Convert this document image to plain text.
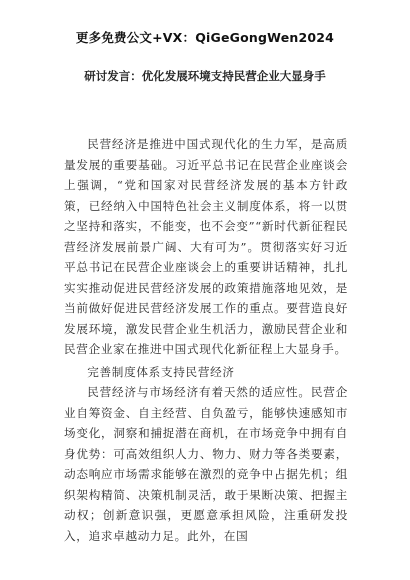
更多免费公文+VX：QiGeGongWen2024
研讨发言：优化发展环境支持民营企业大显身手

民营经济是推进中国式现代化的生力军，是高质量发展的重要基础。习近平总书记在民营企业座谈会上强调，“党和国家对民营经济发展的基本方针政策，已经纳入中国特色社会主义制度体系，将一以贯之坚持和落实，不能变，也不会变”“新时代新征程民营经济发展前景广阔、大有可为”。贯彻落实好习近平总书记在民营企业座谈会上的重要讲话精神，扎扎实实推动促进民营经济发展的政策措施落地见效，是当前做好促进民营经济发展工作的重点。要营造良好发展环境，激发民营企业生机活力，激励民营企业和民营企业家在推进中国式现代化新征程上大显身手。

完善制度体系支持民营经济

民营经济与市场经济有着天然的适应性。民营企业自筹资金、自主经营、自负盈亏，能够快速感知市场变化，洞察和捕捉潜在商机，在市场竞争中拥有自身优势：可高效组织人力、物力、财力等各类要素，动态响应市场需求能够在激烈的竞争中占据先机；组织架构精简、决策机制灵活，敢于果断决策、把握主动权；创新意识强，更愿意承担风险，注重研发投入，追求卓越动力足。此外，在国
